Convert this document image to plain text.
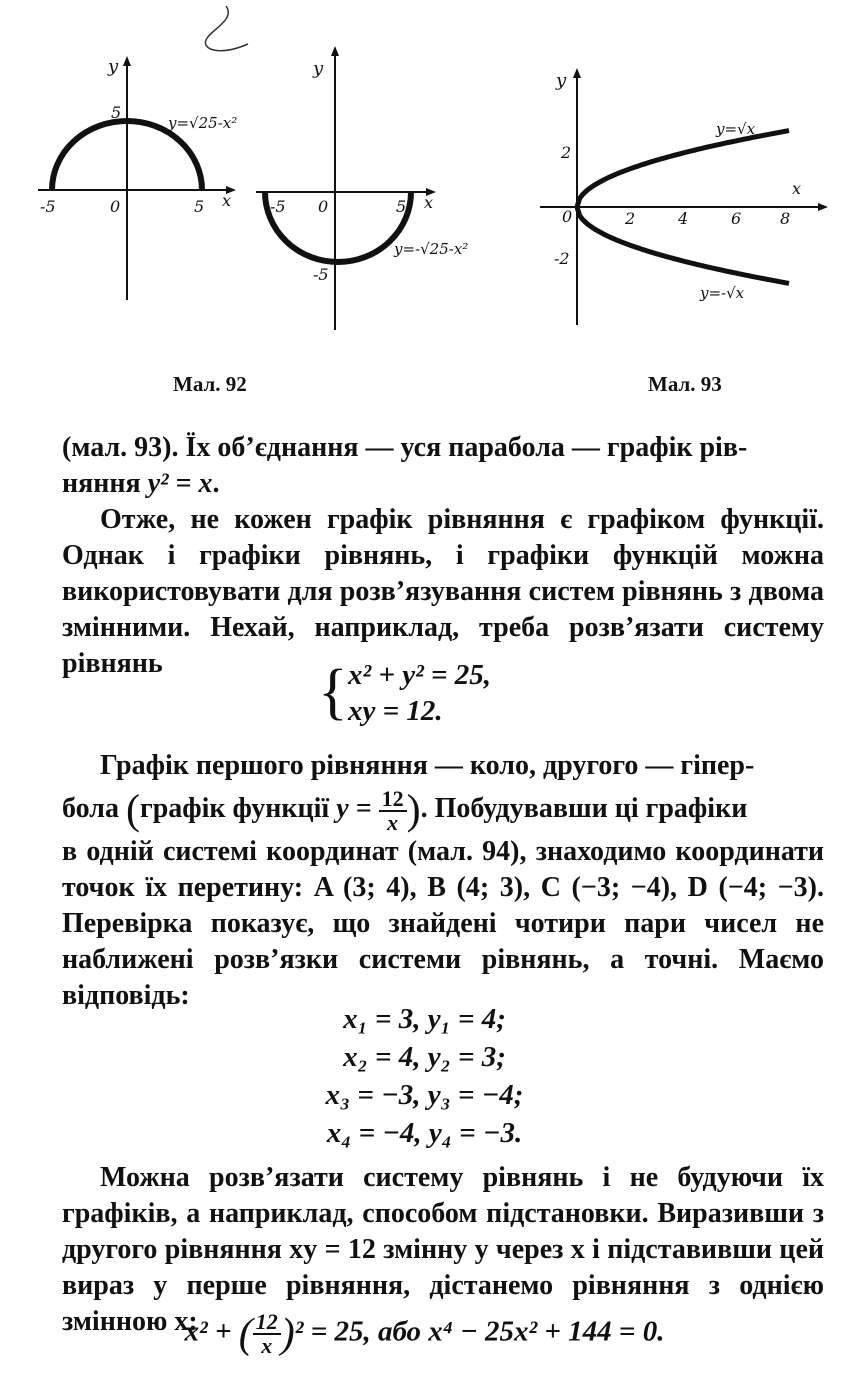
y
x
-5	0	5
5
y=√25-x²
y
x
-5 0	5
-5
y=-√25-x²
y
x
0	2	4	6 8
2
-2
y=√x
y=-√x
Мал. 92	Мал. 93

(мал. 93). Їх об’єднання — уся парабола — графік рів-

няння y² = x.

Отже, не кожен графік рівняння є графіком функції. Однак і графіки рівнянь, і графіки функцій можна використовувати для розв’язування систем рівнянь з двома змінними. Нехай, наприклад, треба розв’язати систему рівнянь	{ x² + y² = 25,
xy = 12.

Графік першого рівняння — коло, другого — гіпер-

бола (графік функції $y = \frac{12}{x}$ ). Побудувавши ці графіки

в одній системі координат (мал. 94), знаходимо координати точок їх перетину: A (3; 4), B (4; 3), C (−3; −4), D (−4; −3). Перевірка показує, що знайдені чотири пари чисел не наближені розв’язки системи рівнянь, а точні. Маємо відповідь:

x₁ = 3, y₁ = 4;
x₂ = 4, y₂ = 3;
x₃ = −3, y₃ = −4;
x₄ = −4, y₄ = −3.

Можна розв’язати систему рівнянь і не будуючи їх графіків, а наприклад, способом підстановки. Виразивши з другого рівняння xy = 12 змінну y через x і підставивши цей вираз у перше рівняння, дістанемо рівняння з однією змінною x:

x² + ( $\frac{12}{x} )^2 = 25$, або x⁴ − 25x² + 144 = 0.
